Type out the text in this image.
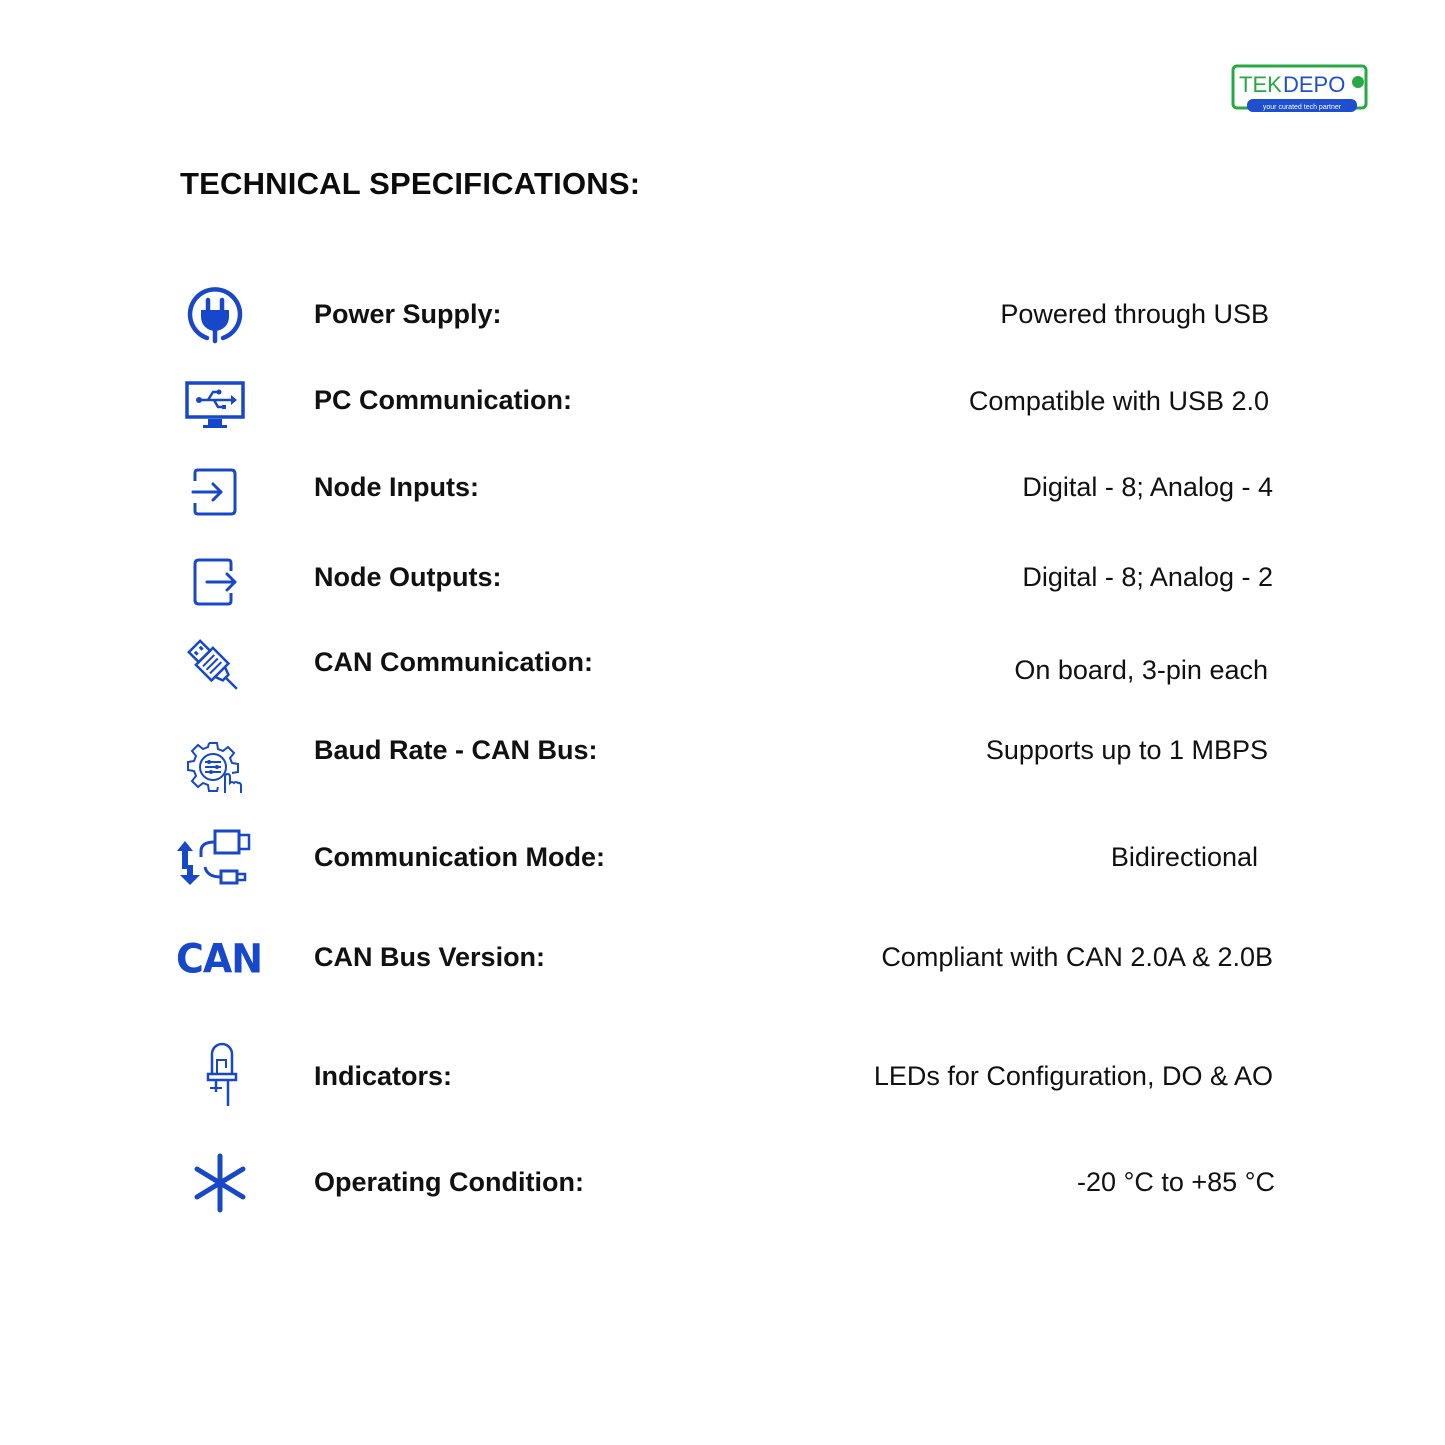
TEK DEPO
your curated tech partner
TECHNICAL SPECIFICATIONS:
Power Supply:	Powered through USB
PC Communication:	Compatible with USB 2.0
Node Inputs:	Digital - 8; Analog - 4
Node Outputs:	Digital - 8; Analog - 2
CAN Communication:	On board, 3-pin each
Baud Rate - CAN Bus:	Supports up to 1 MBPS
Communication Mode:	Bidirectional
CAN CAN Bus Version:	Compliant with CAN 2.0A & 2.0B
Indicators:	LEDs for Configuration, DO & AO
Operating Condition:	-20 °C to +85 °C
